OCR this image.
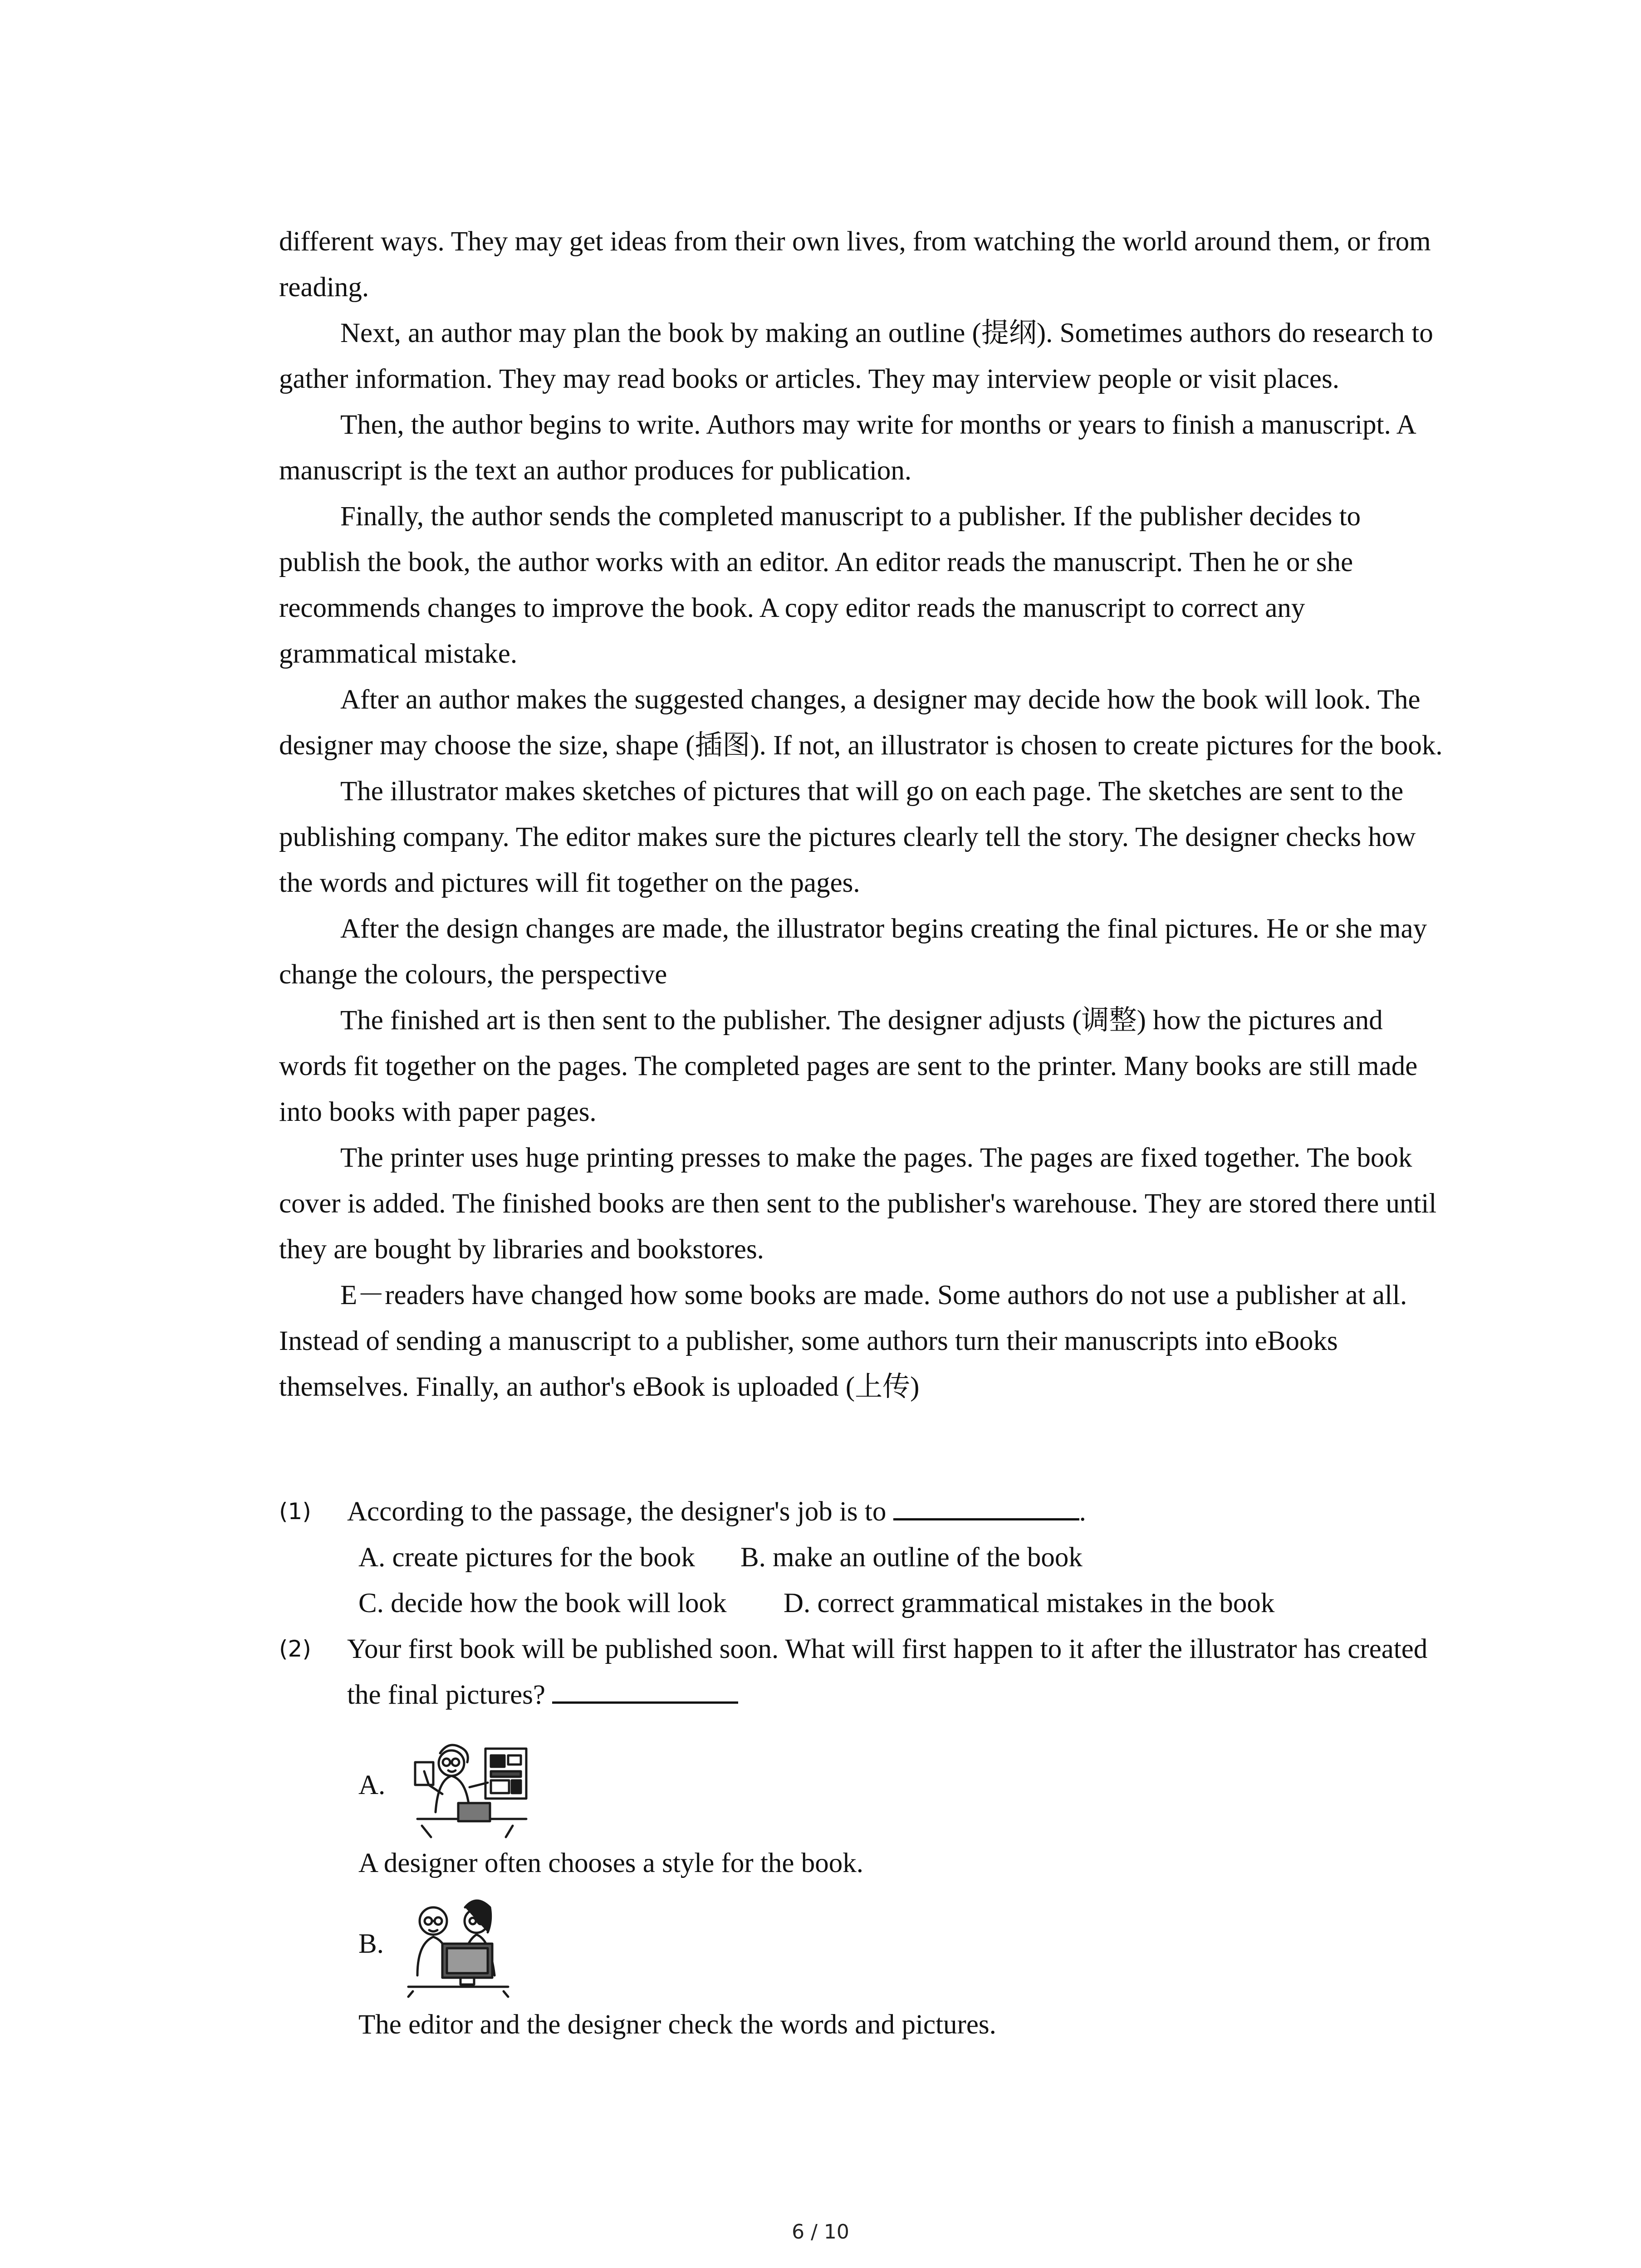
different ways. They may get ideas from their own lives, from watching the world around them, or from reading.

Next, an author may plan the book by making an outline (提纲). Sometimes authors do research to gather information. They may read books or articles. They may interview people or visit places.

Then, the author begins to write. Authors may write for months or years to finish a manuscript. A manuscript is the text an author produces for publication.

Finally, the author sends the completed manuscript to a publisher. If the publisher decides to publish the book, the author works with an editor. An editor reads the manuscript. Then he or she recommends changes to improve the book. A copy editor reads the manuscript to correct any grammatical mistake.

After an author makes the suggested changes, a designer may decide how the book will look. The designer may choose the size, shape (插图). If not, an illustrator is chosen to create pictures for the book.

The illustrator makes sketches of pictures that will go on each page. The sketches are sent to the publishing company. The editor makes sure the pictures clearly tell the story. The designer checks how the words and pictures will fit together on the pages.

After the design changes are made, the illustrator begins creating the final pictures. He or she may change the colours, the perspective

The finished art is then sent to the publisher. The designer adjusts (调整) how the pictures and words fit together on the pages. The completed pages are sent to the printer. Many books are still made into books with paper pages.

The printer uses huge printing presses to make the pages. The pages are fixed together. The book cover is added. The finished books are then sent to the publisher's warehouse. They are stored there until they are bought by libraries and bookstores.

E－readers have changed how some books are made. Some authors do not use a publisher at all. Instead of sending a manuscript to a publisher, some authors turn their manuscripts into eBooks themselves. Finally, an author's eBook is uploaded (上传)

(1) According to the passage, the designer's job is to	.
A. create pictures for the book B. make an outline of the book
C. decide how the book will look D. correct grammatical mistakes in the book
(2) Your first book will be published soon. What will first happen to it after the illustrator has created the final pictures?
A.
A designer often chooses a style for the book.
B.
The editor and the designer check the words and pictures.
6 / 10
